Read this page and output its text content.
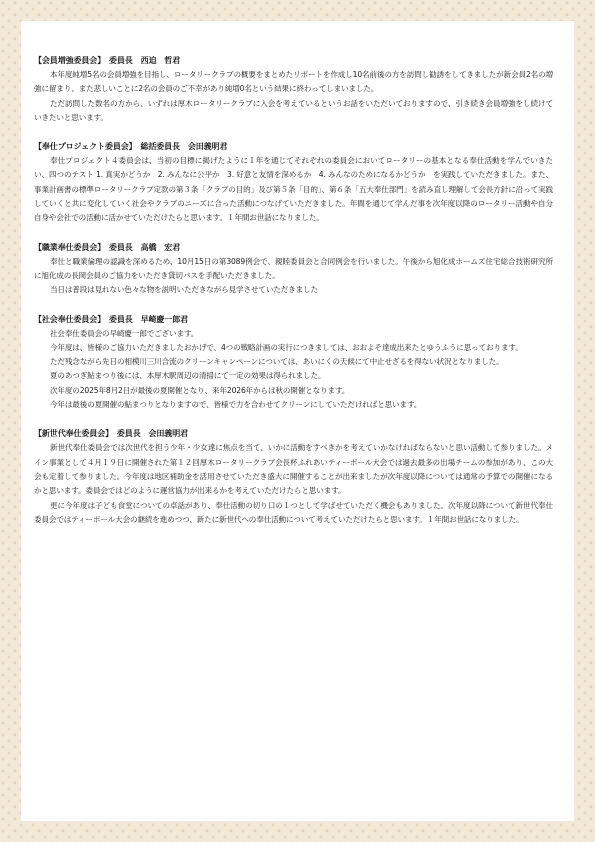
【会員増強委員会】　委員長　西迫　哲君

本年度純増5名の会員増強を目指し、ロータリークラブの概要をまとめたリポートを作成し10名前後の方を訪問し勧誘をしてきましたが新会員2名の増強に留まり、また悲しいことに2名の会員のご不幸があり純増0名という結果に終わってしまいました。

ただ訪問した数名の方から、いずれは厚木ロータリークラブに入会を考えているというお話をいただいておりますので、引き続き会員増強をし続けていきたいと思います。

【奉仕プロジェクト委員会】　総括委員長　会田義明君

奉仕プロジェクト４委員会は、当初の目標に掲げたように１年を通じてそれぞれの委員会においてロータリーの基本となる奉仕活動を学んでいきたい、四つのテスト 1. 真実かどうか　2. みんなに公平か　3. 好意と友情を深めるか　4. みんなのためになるかどうか　を実践していただきました。また、事業計画書の標準ロータリークラブ定款の第３条「クラブの目的」及び第５条「目的」、第６条「五大奉仕部門」を読み直し理解して会長方針に沿って実践していくと共に変化していく社会やクラブのニーズに合った活動につなげていただきました。年間を通じて学んだ事を次年度以降のロータリー活動や自分自身や会社での活動に活かせていただけたらと思います。１年間お世話になりました。

【職業奉仕委員会】　委員長　高橋　宏君

奉仕と職業倫理の認識を深めるため、10月15日の第3089例会で、親睦委員会と合同例会を行いました。午後から旭化成ホームズ住宅総合技術研究所に旭化成の長岡会員のご協力をいただき貸切バスを手配いただきました。

当日は普段は見れない色々な物を説明いただきながら見学させていただきました

【社会奉仕委員会】　委員長　早崎慶一郎君

社会奉仕委員会の早崎慶一郎でございます。

今年度は、皆様のご協力いただきましたおかげで、4つの戦略計画の実行につきましては、おおよそ達成出来たとゆうふうに思っております。

ただ残念ながら先日の相模川三川合流のクリーンキャンペーンについては、あいにくの天候にて中止せざるを得ない状況となりました。

夏のあつぎ鮎まつり後には、本厚木駅周辺の清掃にて一定の効果は得られました。

次年度の2025年8月2日が最後の夏開催となり、来年2026年からは秋の開催となります。

今年は最後の夏開催の鮎まつりとなりますので、皆様で力を合わせてクリーンにしていただければと思います。

【新世代奉仕委員会】　委員長　会田義明君

新世代奉仕委員会では次世代を担う少年・少女達に焦点を当て、いかに活動をすべきかを考えていかなければならないと思い活動して参りました。メイン事業として４月１９日に開催された第１２回厚木ロータリークラブ会長杯ふれあいティーボール大会では過去最多の出場チームの参加があり、この大会も定着して参りました。今年度は地区補助金を活用させていただき盛大に開催することが出来ましたが次年度以降については通常の予算での開催になるかと思います。委員会ではどのように運営協力が出来るかを考えていただけたらと思います。

更に今年度は子ども食堂についての卓話があり、奉仕活動の切り口の１つとして学ばせていただく機会もありました。次年度以降について新世代奉仕委員会ではティーボール大会の継続を進めつつ、新たに新世代への奉仕活動について考えていただけたらと思います。１年間お世話になりました。
